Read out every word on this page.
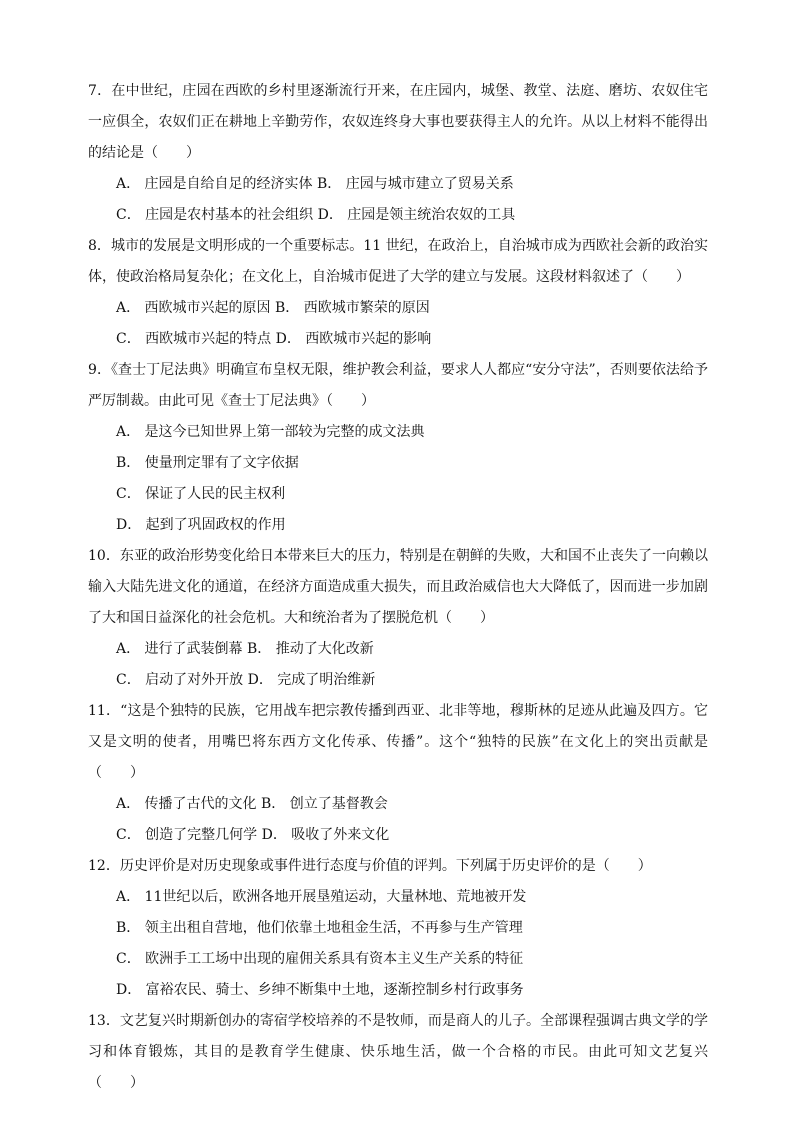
7．在中世纪，庄园在西欧的乡村里逐渐流行开来，在庄园内，城堡、教堂、法庭、磨坊、农奴住宅一应俱全，农奴们正在耕地上辛勤劳作，农奴连终身大事也要获得主人的允许。从以上材料不能得出的结论是（　　）

A． 庄园是自给自足的经济实体 B． 庄园与城市建立了贸易关系

C． 庄园是农村基本的社会组织 D． 庄园是领主统治农奴的工具

8．城市的发展是文明形成的一个重要标志。11 世纪，在政治上，自治城市成为西欧社会新的政治实体，使政治格局复杂化；在文化上，自治城市促进了大学的建立与发展。这段材料叙述了（　　）

A． 西欧城市兴起的原因 B． 西欧城市繁荣的原因

C． 西欧城市兴起的特点 D． 西欧城市兴起的影响

9．《查士丁尼法典》明确宣布皇权无限，维护教会利益，要求人人都应“安分守法”，否则要依法给予严厉制裁。由此可见《查士丁尼法典》（　　）

A． 是这今已知世界上第一部较为完整的成文法典

B． 使量刑定罪有了文字依据

C． 保证了人民的民主权利

D． 起到了巩固政权的作用

10．东亚的政治形势变化给日本带来巨大的压力，特别是在朝鲜的失败，大和国不止丧失了一向赖以输入大陆先进文化的通道，在经济方面造成重大损失，而且政治威信也大大降低了，因而进一步加剧了大和国日益深化的社会危机。大和统治者为了摆脱危机（　　）

A． 进行了武装倒幕 B． 推动了大化改新

C． 启动了对外开放 D． 完成了明治维新

11．“这是个独特的民族，它用战车把宗教传播到西亚、北非等地，穆斯林的足迹从此遍及四方。它又是文明的使者，用嘴巴将东西方文化传承、传播”。这个“独特的民族”在文化上的突出贡献是（　　）

A． 传播了古代的文化 B． 创立了基督教会

C． 创造了完整几何学 D． 吸收了外来文化

12．历史评价是对历史现象或事件进行态度与价值的评判。下列属于历史评价的是（　　）

A． 11世纪以后，欧洲各地开展垦殖运动，大量林地、荒地被开发

B． 领主出租自营地，他们依靠土地租金生活，不再参与生产管理

C． 欧洲手工工场中出现的雇佣关系具有资本主义生产关系的特征

D． 富裕农民、骑士、乡绅不断集中土地，逐渐控制乡村行政事务

13．文艺复兴时期新创办的寄宿学校培养的不是牧师，而是商人的儿子。全部课程强调古典文学的学习和体育锻炼，其目的是教育学生健康、快乐地生活，做一个合格的市民。由此可知文艺复兴（　　）
